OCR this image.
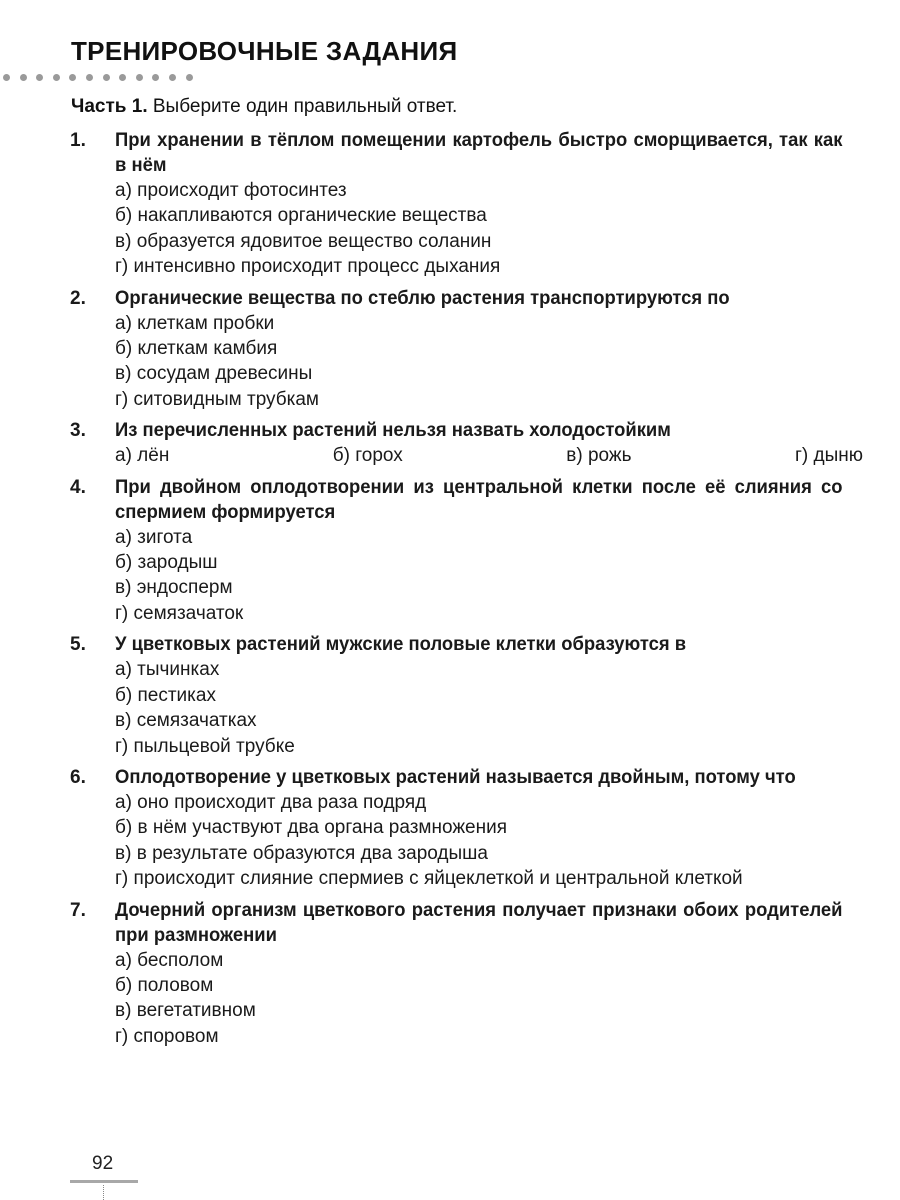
ТРЕНИРОВОЧНЫЕ ЗАДАНИЯ
Часть 1. Выберите один правильный ответ.
1.	При хранении в тёплом помещении картофель быстро сморщивается, так как в нём
а) происходит фотосинтез
б) накапливаются органические вещества
в) образуется ядовитое вещество соланин
г) интенсивно происходит процесс дыхания
2.	Органические вещества по стеблю растения транспортируются по
а) клеткам пробки
б) клеткам камбия
в) сосудам древесины
г) ситовидным трубкам
3.	Из перечисленных растений нельзя назвать холодостойким
а) лён	б) горох	в) рожь	г) дыню
4.	При двойном оплодотворении из центральной клетки после её слияния со спермием формируется
а) зигота
б) зародыш
в) эндосперм
г) семязачаток
5.	У цветковых растений мужские половые клетки образуются в
а) тычинках
б) пестиках
в) семязачатках
г) пыльцевой трубке
6.	Оплодотворение у цветковых растений называется двойным, потому что
а) оно происходит два раза подряд
б) в нём участвуют два органа размножения
в) в результате образуются два зародыша
г) происходит слияние спермиев с яйцеклеткой и центральной клеткой
7.	Дочерний организм цветкового растения получает признаки обоих родителей при размножении
а) бесполом
б) половом
в) вегетативном
г) споровом
92
